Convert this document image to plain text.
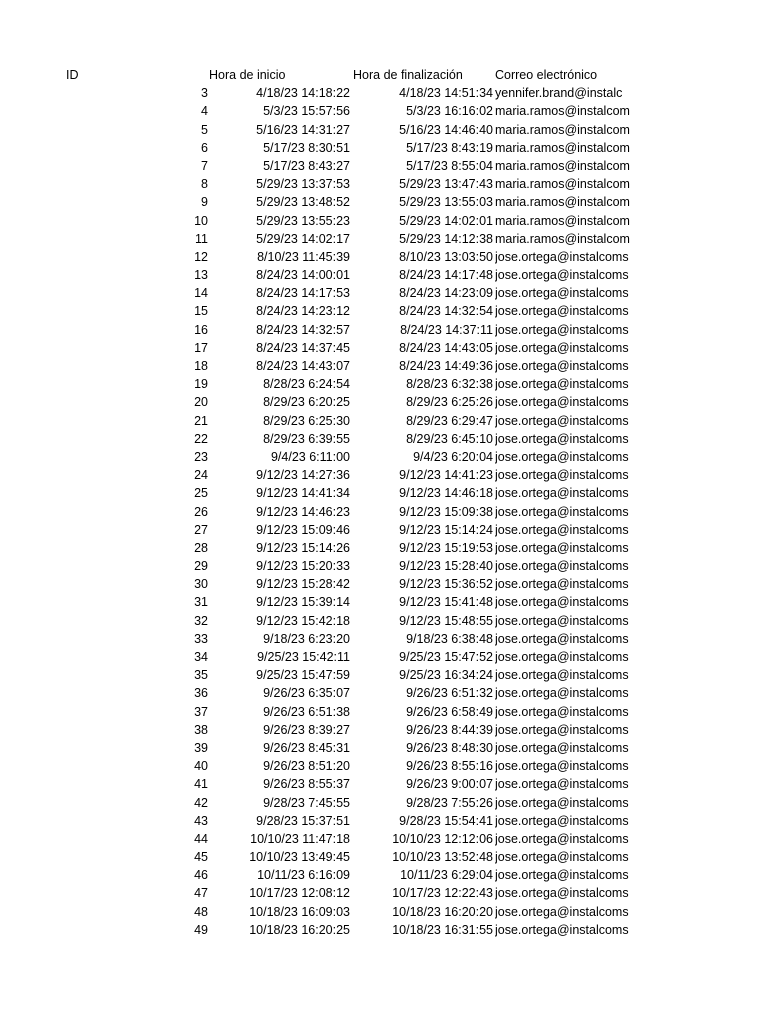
ID	Hora de inicio	Hora de finalización	Correo electrónico
3	4/18/23 14:18:22	4/18/23 14:51:34 yennifer.brand@instalc
4	5/3/23 15:57:56	5/3/23 16:16:02 maria.ramos@instalcom
5	5/16/23 14:31:27	5/16/23 14:46:40 maria.ramos@instalcom
6	5/17/23 8:30:51	5/17/23 8:43:19 maria.ramos@instalcom
7	5/17/23 8:43:27	5/17/23 8:55:04 maria.ramos@instalcom
8	5/29/23 13:37:53	5/29/23 13:47:43 maria.ramos@instalcom
9	5/29/23 13:48:52	5/29/23 13:55:03 maria.ramos@instalcom
10	5/29/23 13:55:23	5/29/23 14:02:01 maria.ramos@instalcom
11	5/29/23 14:02:17	5/29/23 14:12:38 maria.ramos@instalcom
12	8/10/23 11:45:39	8/10/23 13:03:50 jose.ortega@instalcoms
13	8/24/23 14:00:01	8/24/23 14:17:48 jose.ortega@instalcoms
14	8/24/23 14:17:53	8/24/23 14:23:09 jose.ortega@instalcoms
15	8/24/23 14:23:12	8/24/23 14:32:54 jose.ortega@instalcoms
16	8/24/23 14:32:57	8/24/23 14:37:11 jose.ortega@instalcoms
17	8/24/23 14:37:45	8/24/23 14:43:05 jose.ortega@instalcoms
18	8/24/23 14:43:07	8/24/23 14:49:36 jose.ortega@instalcoms
19	8/28/23 6:24:54	8/28/23 6:32:38 jose.ortega@instalcoms
20	8/29/23 6:20:25	8/29/23 6:25:26 jose.ortega@instalcoms
21	8/29/23 6:25:30	8/29/23 6:29:47 jose.ortega@instalcoms
22	8/29/23 6:39:55	8/29/23 6:45:10 jose.ortega@instalcoms
23	9/4/23 6:11:00	9/4/23 6:20:04 jose.ortega@instalcoms
24	9/12/23 14:27:36	9/12/23 14:41:23 jose.ortega@instalcoms
25	9/12/23 14:41:34	9/12/23 14:46:18 jose.ortega@instalcoms
26	9/12/23 14:46:23	9/12/23 15:09:38 jose.ortega@instalcoms
27	9/12/23 15:09:46	9/12/23 15:14:24 jose.ortega@instalcoms
28	9/12/23 15:14:26	9/12/23 15:19:53 jose.ortega@instalcoms
29	9/12/23 15:20:33	9/12/23 15:28:40 jose.ortega@instalcoms
30	9/12/23 15:28:42	9/12/23 15:36:52 jose.ortega@instalcoms
31	9/12/23 15:39:14	9/12/23 15:41:48 jose.ortega@instalcoms
32	9/12/23 15:42:18	9/12/23 15:48:55 jose.ortega@instalcoms
33	9/18/23 6:23:20	9/18/23 6:38:48 jose.ortega@instalcoms
34	9/25/23 15:42:11	9/25/23 15:47:52 jose.ortega@instalcoms
35	9/25/23 15:47:59	9/25/23 16:34:24 jose.ortega@instalcoms
36	9/26/23 6:35:07	9/26/23 6:51:32 jose.ortega@instalcoms
37	9/26/23 6:51:38	9/26/23 6:58:49 jose.ortega@instalcoms
38	9/26/23 8:39:27	9/26/23 8:44:39 jose.ortega@instalcoms
39	9/26/23 8:45:31	9/26/23 8:48:30 jose.ortega@instalcoms
40	9/26/23 8:51:20	9/26/23 8:55:16 jose.ortega@instalcoms
41	9/26/23 8:55:37	9/26/23 9:00:07 jose.ortega@instalcoms
42	9/28/23 7:45:55	9/28/23 7:55:26 jose.ortega@instalcoms
43	9/28/23 15:37:51	9/28/23 15:54:41 jose.ortega@instalcoms
44	10/10/23 11:47:18	10/10/23 12:12:06 jose.ortega@instalcoms
45	10/10/23 13:49:45	10/10/23 13:52:48 jose.ortega@instalcoms
46	10/11/23 6:16:09	10/11/23 6:29:04 jose.ortega@instalcoms
47	10/17/23 12:08:12	10/17/23 12:22:43 jose.ortega@instalcoms
48	10/18/23 16:09:03	10/18/23 16:20:20 jose.ortega@instalcoms
49	10/18/23 16:20:25	10/18/23 16:31:55 jose.ortega@instalcoms
